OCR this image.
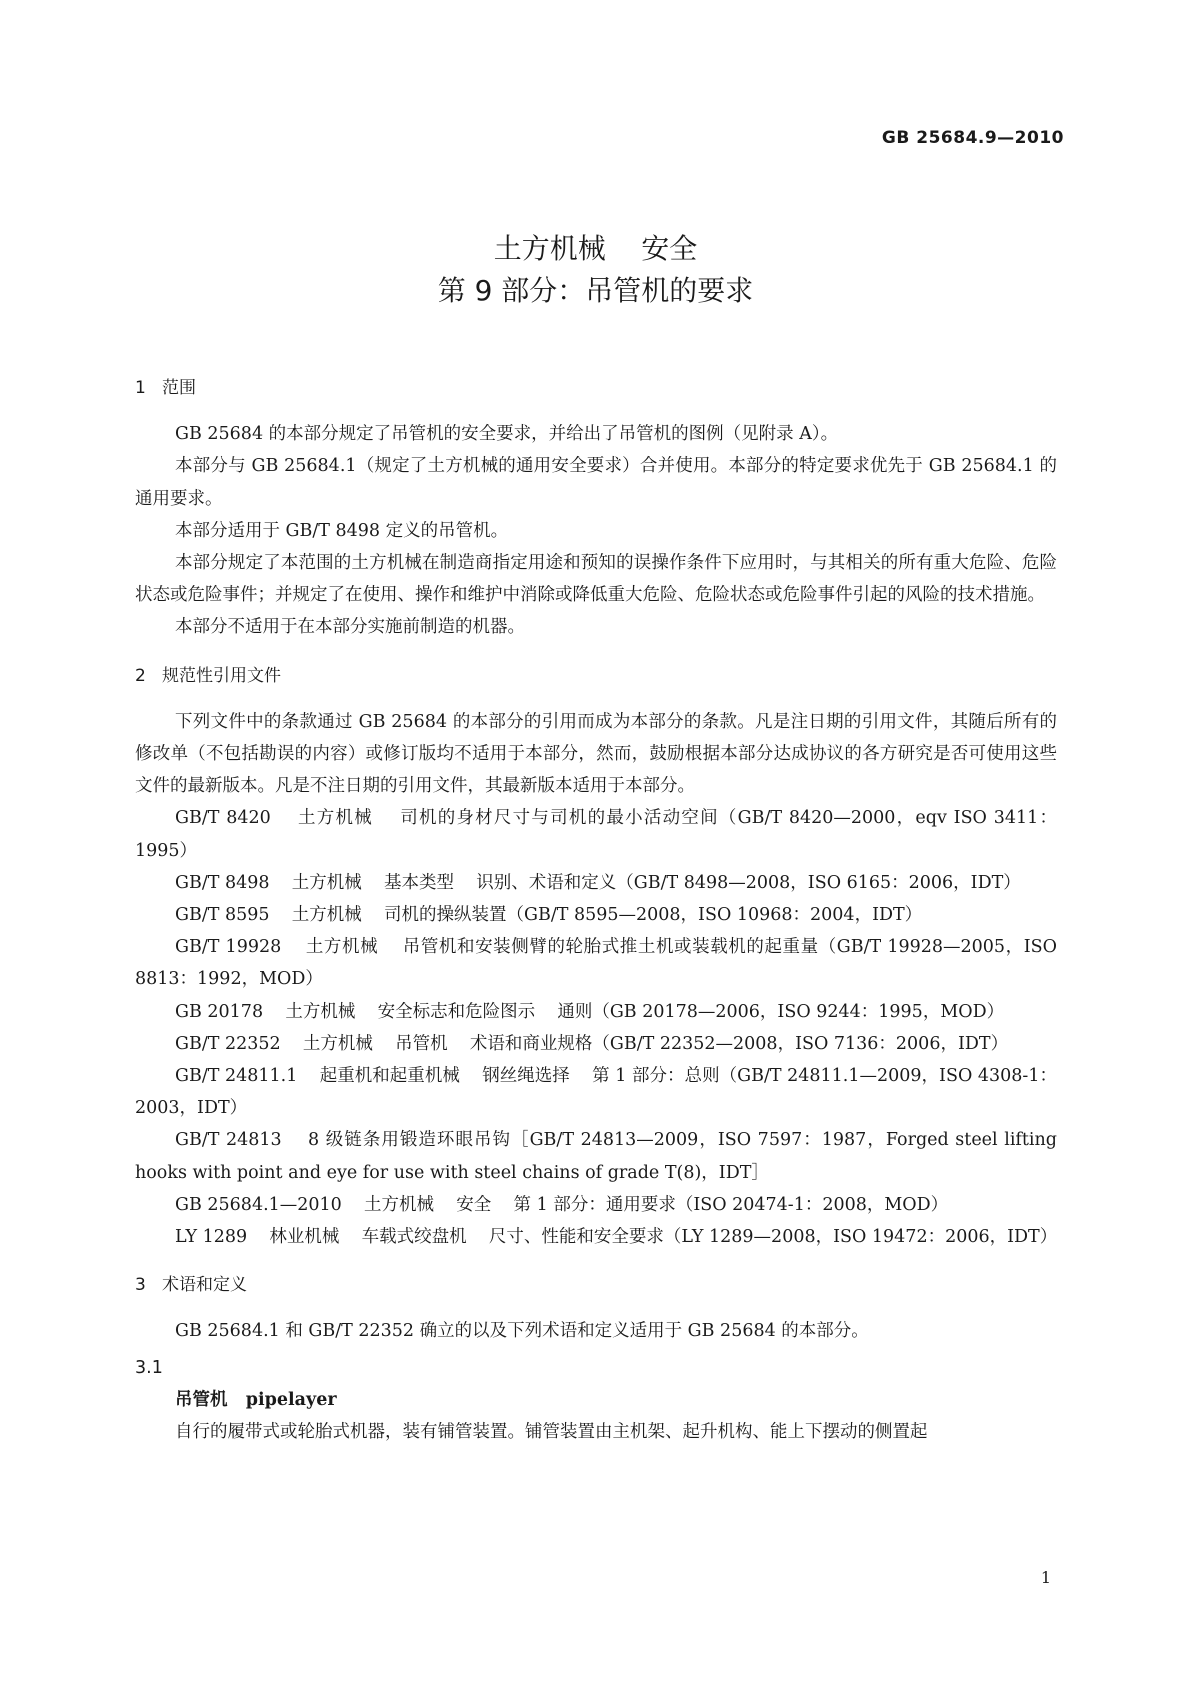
GB 25684.9—2010
土方机械    安全
第 9 部分：吊管机的要求
1   范围

GB 25684 的本部分规定了吊管机的安全要求，并给出了吊管机的图例（见附录 A）。

本部分与 GB 25684.1（规定了土方机械的通用安全要求）合并使用。本部分的特定要求优先于 GB 25684.1 的通用要求。

本部分适用于 GB/T 8498 定义的吊管机。

本部分规定了本范围的土方机械在制造商指定用途和预知的误操作条件下应用时，与其相关的所有重大危险、危险状态或危险事件；并规定了在使用、操作和维护中消除或降低重大危险、危险状态或危险事件引起的风险的技术措施。

本部分不适用于在本部分实施前制造的机器。

2   规范性引用文件

下列文件中的条款通过 GB 25684 的本部分的引用而成为本部分的条款。凡是注日期的引用文件，其随后所有的修改单（不包括勘误的内容）或修订版均不适用于本部分，然而，鼓励根据本部分达成协议的各方研究是否可使用这些文件的最新版本。凡是不注日期的引用文件，其最新版本适用于本部分。

GB/T 8420    土方机械    司机的身材尺寸与司机的最小活动空间（GB/T 8420—2000，eqv ISO 3411：1995）

GB/T 8498    土方机械    基本类型    识别、术语和定义（GB/T 8498—2008，ISO 6165：2006，IDT）

GB/T 8595    土方机械    司机的操纵装置（GB/T 8595—2008，ISO 10968：2004，IDT）

GB/T 19928    土方机械    吊管机和安装侧臂的轮胎式推土机或装载机的起重量（GB/T 19928—2005，ISO 8813：1992，MOD）

GB 20178    土方机械    安全标志和危险图示    通则（GB 20178—2006，ISO 9244：1995，MOD）

GB/T 22352    土方机械    吊管机    术语和商业规格（GB/T 22352—2008，ISO 7136：2006，IDT）

GB/T 24811.1    起重机和起重机械    钢丝绳选择    第 1 部分：总则（GB/T 24811.1—2009，ISO 4308-1：2003，IDT）

GB/T 24813    8 级链条用锻造环眼吊钩［GB/T 24813—2009，ISO 7597：1987，Forged steel lifting hooks with point and eye for use with steel chains of grade T(8)，IDT］

GB 25684.1—2010    土方机械    安全    第 1 部分：通用要求（ISO 20474-1：2008，MOD）

LY 1289    林业机械    车载式绞盘机    尺寸、性能和安全要求（LY 1289—2008，ISO 19472：2006，IDT）

3   术语和定义

GB 25684.1 和 GB/T 22352 确立的以及下列术语和定义适用于 GB 25684 的本部分。

3.1
吊管机 pipelayer

自行的履带式或轮胎式机器，装有铺管装置。铺管装置由主机架、起升机构、能上下摆动的侧置起

1
